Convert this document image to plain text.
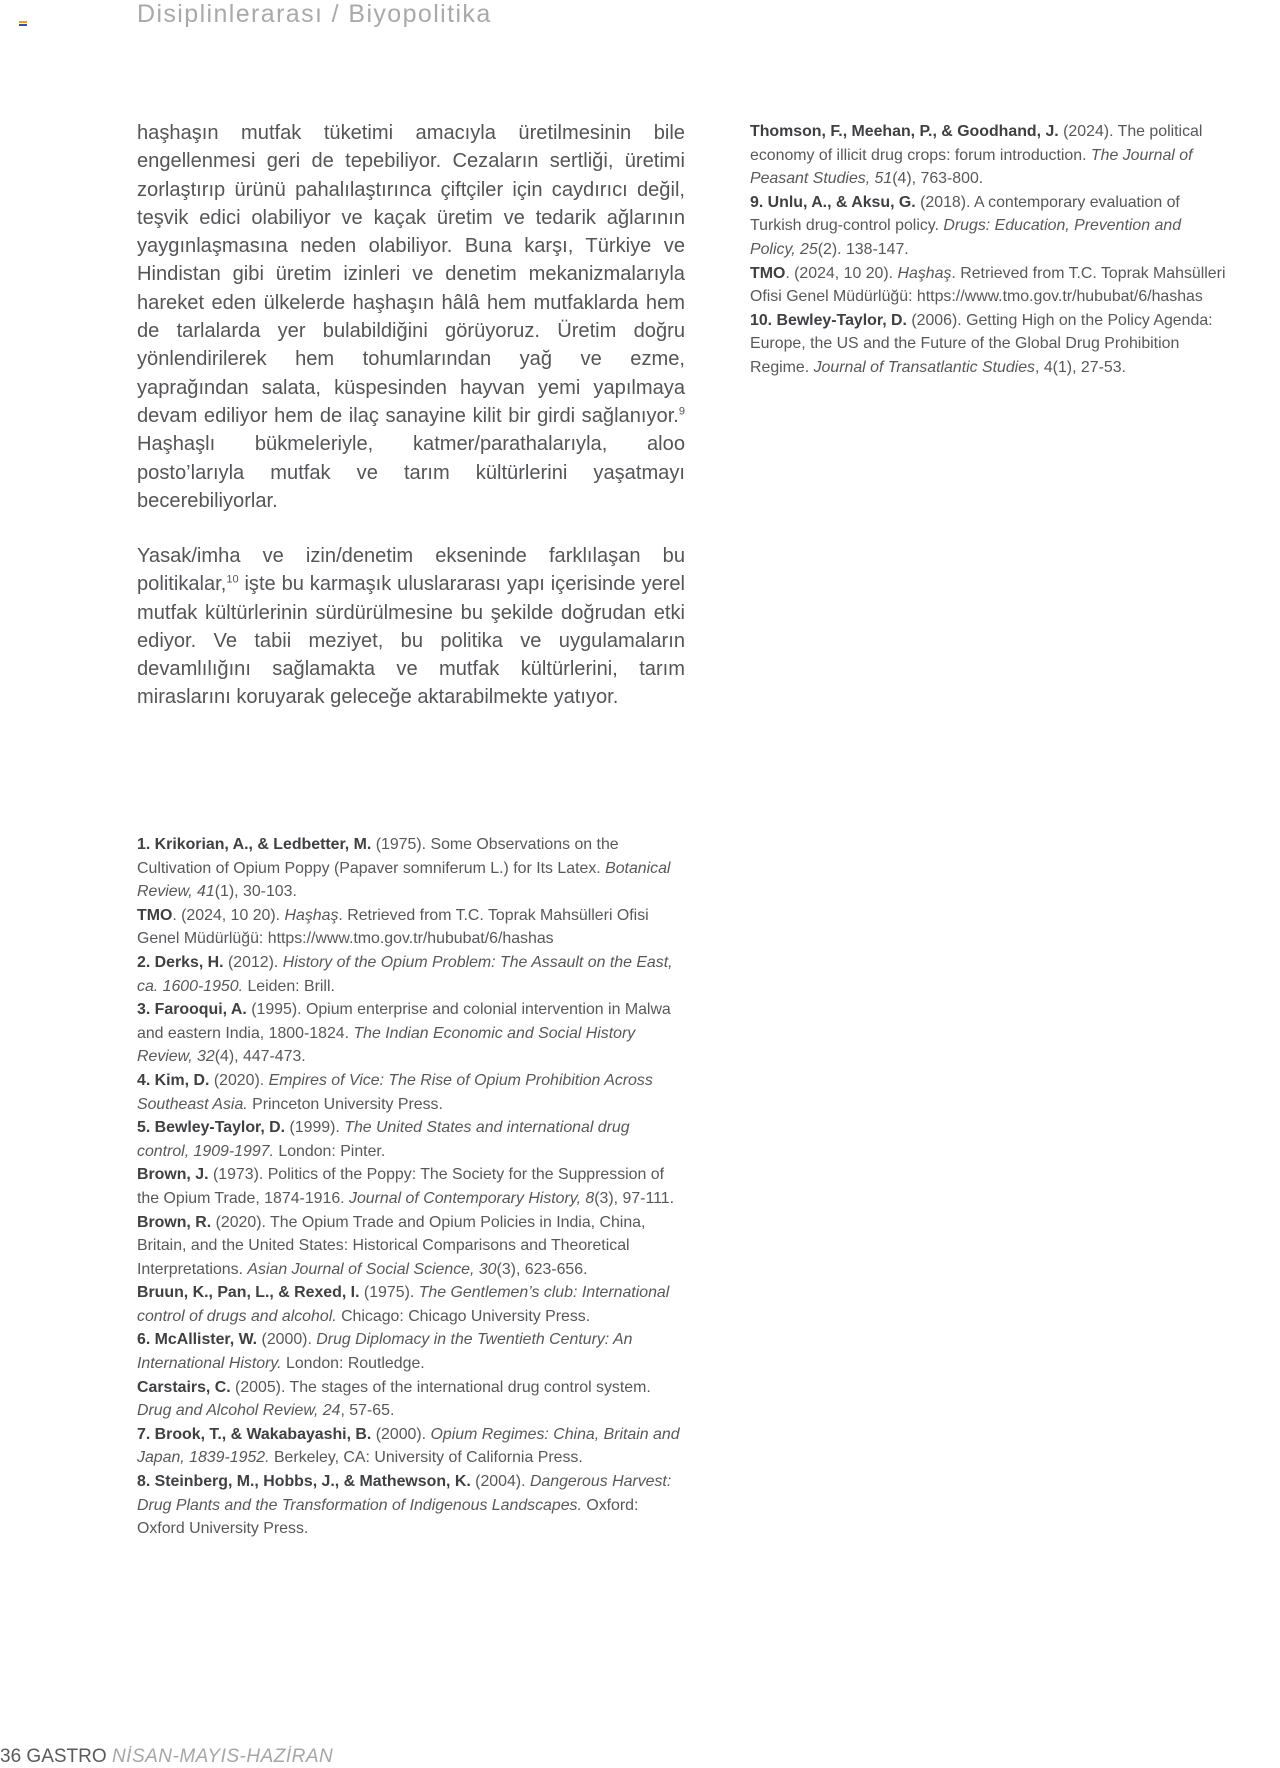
Disiplinlerarası / Biyopolitika

haşhaşın mutfak tüketimi amacıyla üretilmesinin bile engellenmesi geri de tepebiliyor. Cezaların sertliği, üretimi zorlaştırıp ürünü pahalılaştırınca çiftçiler için caydırıcı değil, teşvik edici olabiliyor ve kaçak üretim ve tedarik ağlarının yaygınlaşmasına neden olabiliyor. Buna karşı, Türkiye ve Hindistan gibi üretim izinleri ve denetim mekanizmalarıyla hareket eden ülkelerde haşhaşın hâlâ hem mutfaklarda hem de tarlalarda yer bulabildiğini görüyoruz. Üretim doğru yönlendirilerek hem tohumlarından yağ ve ezme, yaprağından salata, küspesinden hayvan yemi yapılmaya devam ediliyor hem de ilaç sanayine kilit bir girdi sağlanıyor.$^9$ Haşhaşlı bükmeleriyle, katmer/parathalarıyla, aloo posto’larıyla mutfak ve tarım kültürlerini yaşatmayı becerebiliyorlar.

Yasak/imha ve izin/denetim ekseninde farklılaşan bu politikalar,$^{10}$ işte bu karmaşık uluslararası yapı içerisinde yerel mutfak kültürlerinin sürdürülmesine bu şekilde doğrudan etki ediyor. Ve tabii meziyet, bu politika ve uygulamaların devamlılığını sağlamakta ve mutfak kültürlerini, tarım miraslarını koruyarak geleceğe aktarabilmekte yatıyor.

1. Krikorian, A., & Ledbetter, M. (1975). Some Observations on the Cultivation of Opium Poppy (Papaver somniferum L.) for Its Latex. Botanical Review, 41(1), 30-103.
TMO. (2024, 10 20). Haşhaş. Retrieved from T.C. Toprak Mahsülleri Ofisi Genel Müdürlüğü: https://www.tmo.gov.tr/hububat/6/hashas
2. Derks, H. (2012). History of the Opium Problem: The Assault on the East, ca. 1600-1950. Leiden: Brill.
3. Farooqui, A. (1995). Opium enterprise and colonial intervention in Malwa and eastern India, 1800-1824. The Indian Economic and Social History Review, 32(4), 447-473.
4. Kim, D. (2020). Empires of Vice: The Rise of Opium Prohibition Across Southeast Asia. Princeton University Press.
5. Bewley-Taylor, D. (1999). The United States and international drug control, 1909-1997. London: Pinter.
Brown, J. (1973). Politics of the Poppy: The Society for the Suppression of the Opium Trade, 1874-1916. Journal of Contemporary History, 8(3), 97-111.
Brown, R. (2020). The Opium Trade and Opium Policies in India, China, Britain, and the United States: Historical Comparisons and Theoretical Interpretations. Asian Journal of Social Science, 30(3), 623-656.
Bruun, K., Pan, L., & Rexed, I. (1975). The Gentlemen’s club: International control of drugs and alcohol. Chicago: Chicago University Press.
6. McAllister, W. (2000). Drug Diplomacy in the Twentieth Century: An International History. London: Routledge.
Carstairs, C. (2005). The stages of the international drug control system. Drug and Alcohol Review, 24, 57-65.
7. Brook, T., & Wakabayashi, B. (2000). Opium Regimes: China, Britain and Japan, 1839-1952. Berkeley, CA: University of California Press.
8. Steinberg, M., Hobbs, J., & Mathewson, K. (2004). Dangerous Harvest: Drug Plants and the Transformation of Indigenous Landscapes. Oxford: Oxford University Press.
Thomson, F., Meehan, P., & Goodhand, J. (2024). The political
economy of illicit drug crops: forum introduction. The Journal of
Peasant Studies, 51(4), 763-800.
9. Unlu, A., & Aksu, G. (2018). A contemporary evaluation of
Turkish drug-control policy. Drugs: Education, Prevention and
Policy, 25(2). 138-147.
TMO. (2024, 10 20). Haşhaş. Retrieved from T.C. Toprak Mahsülleri
Ofisi Genel Müdürlüğü: https://www.tmo.gov.tr/hububat/6/hashas
10. Bewley-Taylor, D. (2006). Getting High on the Policy Agenda:
Europe, the US and the Future of the Global Drug Prohibition
Regime. Journal of Transatlantic Studies, 4(1), 27-53.
36 GASTRO NİSAN-MAYIS-HAZİRAN
